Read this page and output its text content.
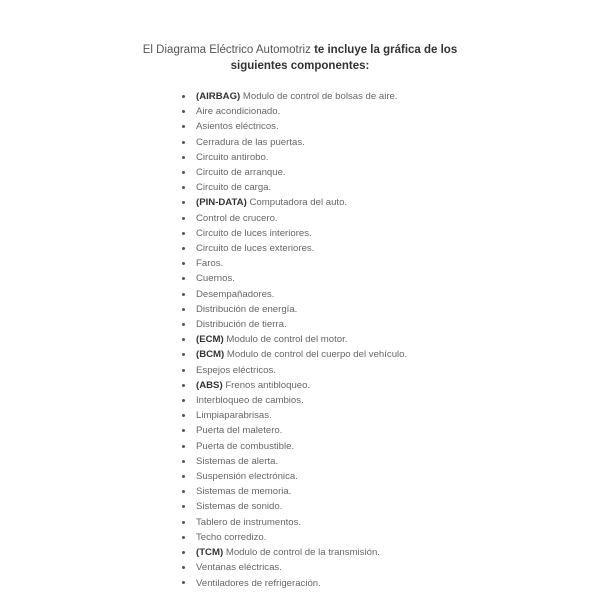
El Diagrama Eléctrico Automotriz te incluye la gráfica de los siguientes componentes:
(AIRBAG) Modulo de control de bolsas de aire.
Aire acondicionado.
Asientos eléctricos.
Cerradura de las puertas.
Circuito antirobo.
Circuito de arranque.
Circuito de carga.
(PIN-DATA) Computadora del auto.
Control de crucero.
Circuito de luces interiores.
Circuito de luces exteriores.
Faros.
Cuernos.
Desempañadores.
Distribución de energía.
Distribución de tierra.
(ECM) Modulo de control del motor.
(BCM) Modulo de control del cuerpo del vehículo.
Espejos eléctricos.
(ABS) Frenos antibloqueo.
Interbloqueo de cambios.
Limpiaparabrisas.
Puerta del maletero.
Puerta de combustible.
Sistemas de alerta.
Suspensión electrónica.
Sistemas de memoria.
Sistemas de sonido.
Tablero de instrumentos.
Techo corredizo.
(TCM) Modulo de control de la transmisión.
Ventanas eléctricas.
Ventiladores de refrigeración.
